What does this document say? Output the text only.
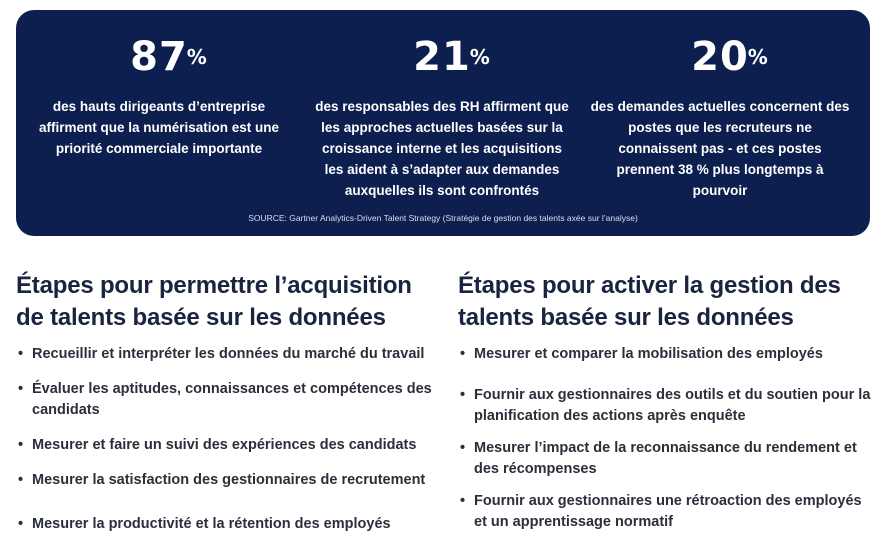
87
%
des hauts dirigeants d’entreprise affirment que la numérisation est une priorité commerciale importante
21
%
des responsables des RH affirment que les approches actuelles basées sur la croissance interne et les acquisitions les aident à s’adapter aux demandes auxquelles ils sont confrontés
20
%
des demandes actuelles concernent des postes que les recruteurs ne connaissent pas - et ces postes prennent 38 % plus longtemps à pourvoir
SOURCE: Gartner Analytics-Driven Talent Strategy (Stratégie de gestion des talents axée sur l’analyse)
Étapes pour permettre l’acquisition de talents basée sur les données
• Recueillir et interpréter les données du marché du travail
• Évaluer les aptitudes, connaissances et compétences des candidats
• Mesurer et faire un suivi des expériences des candidats
• Mesurer la satisfaction des gestionnaires de recrutement
• Mesurer la productivité et la rétention des employés
Étapes pour activer la gestion des talents basée sur les données
• Mesurer et comparer la mobilisation des employés
• Fournir aux gestionnaires des outils et du soutien pour la planification des actions après enquête
• Mesurer l’impact de la reconnaissance du rendement et des récompenses
• Fournir aux gestionnaires une rétroaction des employés et un apprentissage normatif
